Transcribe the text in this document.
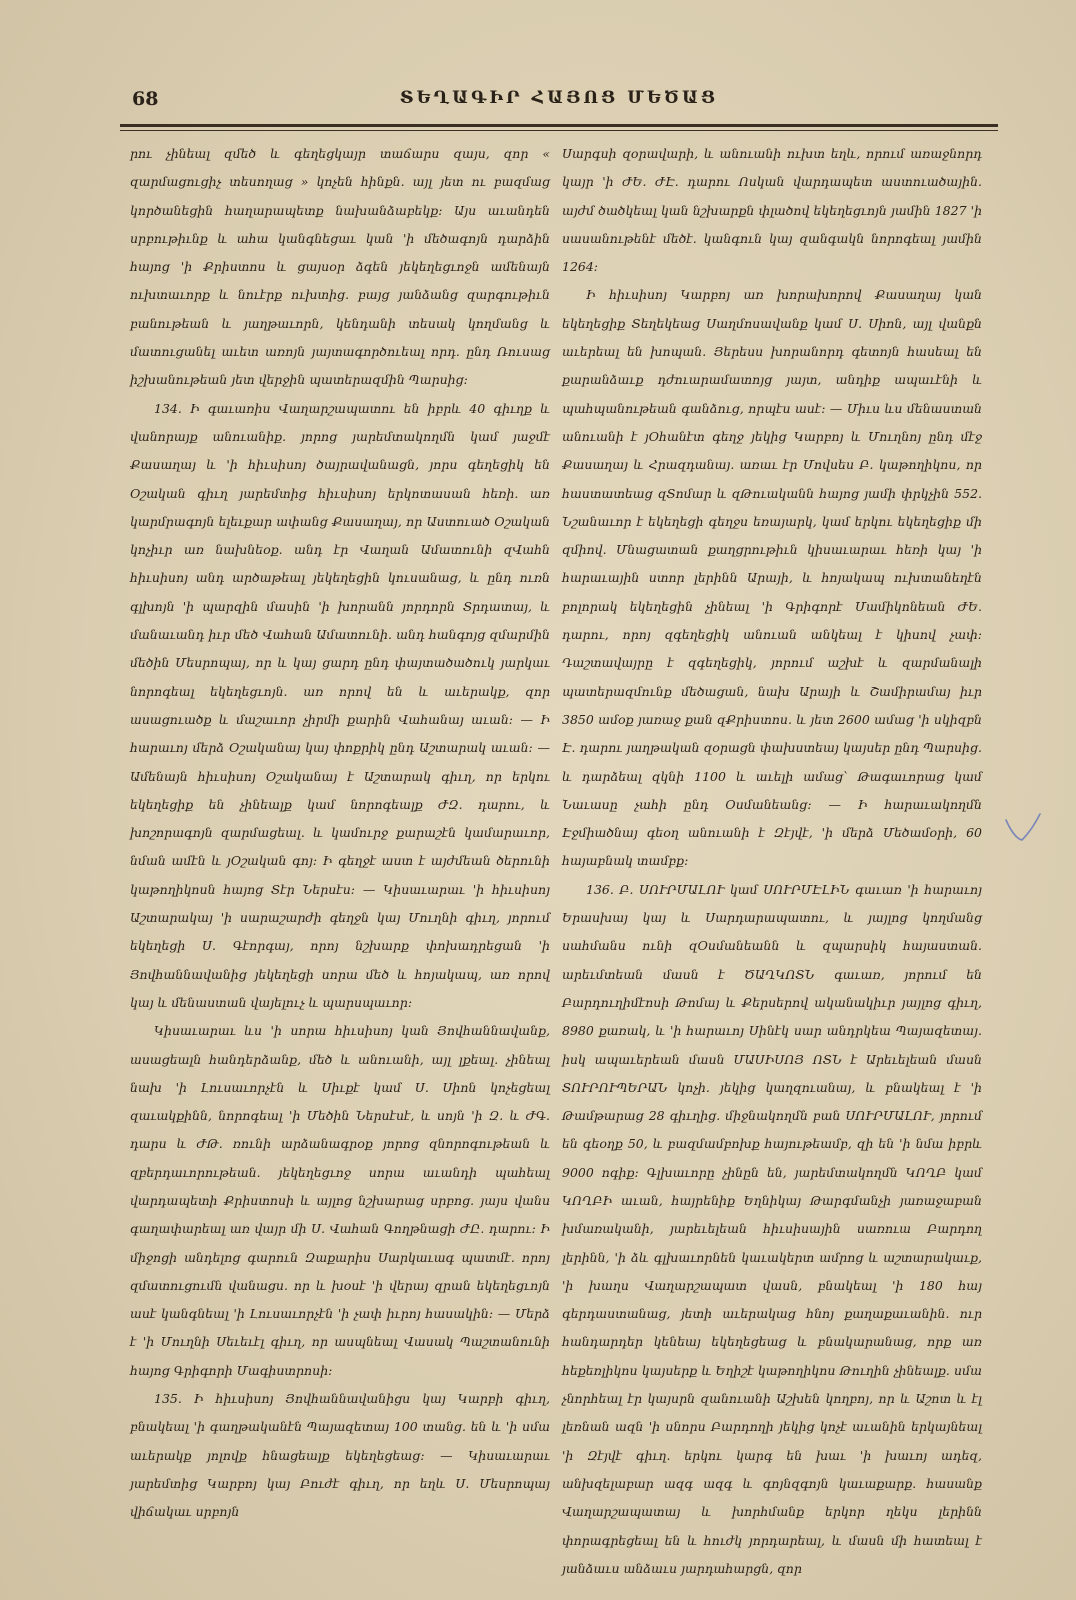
68	ՏԵՂԱԳԻՐ ՀԱՅՈՑ ՄԵԾԱՑ

րու չինեալ զմեծ և գեղեցկայր տաճարս զայս, զոր « զարմացուցիչ տեսողաց » կոչեն հինքն. այլ յետ ու բազմաց կործանեցին հաղարապետք նախանձաբեկք: Այս աւանդեն սրբութիւնք և ահա կանգնեցաւ կան 'ի մեծագոյն դարձին հայոց 'ի Քրիստոս և ցայսօր ձգեն յեկեղեցւոջն ամենայն ուխտաւորք և նուէրք ուխտից. բայց յանձանց զարգութիւն բանութեան և յաղթաւորն, կենդանի տեսակ կողմանց և մատուցանել աւետ առոյն յայտագործուեալ որդ. ընդ Ռուսաց իշխանութեան յետ վերջին պատերազմին Պարսից։

134. Ի գաւառիս Վաղարշապատու են իբրև 40 գիւղք և վանորայք անուանիք. յորոց յարեմտակողմն կամ յաջմէ Քասաղայ և 'ի հիւսիսոյ ծայրավանացն, յորս գեղեցիկ են Օշական գիւղ յարեմտից հիւսիսոյ երկոտասան հեռի. առ կարմրագոյն ելեւքար ափանց Քասաղայ, որ Աստուած Օշական կոչիւր առ նախնեօք. անդ էր Վաղան Ամատունի զՎահն հիւսիսոյ անդ արծաթեալ յեկեղեցին կուսանաց, և ընդ ուռն գլխոյն 'ի պարզին մասին 'ի խորանն յորդորն Տրդատայ, և մանաւանդ իւր մեծ Վահան Ամատունի. անդ հանգոյց զմարմին մեծին Մեսրոպայ, որ և կայ ցարդ ընդ փայտածածուկ յարկաւ նորոգեալ եկեղեցւոյն. առ որով են և աւերակք, զոր ասացուածք և մաշաւոր չիրմի քարին Վահանայ աւան։ — Ի հարաւոյ մերձ Օշականայ կայ փոքրիկ ընդ Աշտարակ աւան։ — Ամենայն հիւսիսոյ Օշականայ է Աշտարակ գիւղ, որ երկու եկեղեցիք են չինեալք կամ նորոգեալք ԺԶ. դարու, և խոշորագոյն զարմացեալ. և կամուրջ քարաշէն կամարաւոր, նման ամէն և յՕշական գոյ։ Ի գեղջէ աստ է այժմեան ծերունի կաթողիկոսն հայոց Տէր Ներսէս։ — Կիսաւարաւ 'ի հիւսիսոյ Աշտարակայ 'ի սարաշարժի գեղջն կայ Մուղնի գիւղ, յորում եկեղեցի Ս. Գէորգայ, որոյ նշխարք փոխադրեցան 'ի Յովհաննավանից յեկեղեցի սորա մեծ և հոյակապ, առ որով կայ և մենաստան վայելուչ և պարսպաւոր։

Կիսաւարաւ ևս 'ի սորա հիւսիսոյ կան Յովհաննավանք, ասացեալն հանդերձանք, մեծ և անուանի, այլ լքեալ. չինեալ նախ 'ի Լուսաւորչէն և Սիւքէ կամ Ս. Սիոն կոչեցեալ զաւակքինն, նորոգեալ 'ի Մեծին Ներսէսէ, և սոյն 'ի Զ. և ԺԳ. դարս և ԺԹ. ռունի արձանագրօք յորոց զնորոգութեան և զբերդաւորութեան. յեկեղեցւոջ սորա աւանդի պահեալ վարդապետի Քրիստոսի և այլոց նշխարաց սրբոց. յայս վանս գաղափարեալ առ վայր մի Ս. Վահան Գողթնացի ԺԸ. դարու։ Ի միջոցի անդելոց գարուն Զաքարիս Սարկաւագ պատմէ. որոյ զմատուցումն վանացս. որ և խօսէ 'ի վերայ զրան եկեղեցւոյն ասէ կանգնեալ 'ի Լուսաւորչէն 'ի չափ իւրոյ հասակին։ — Մերձ է 'ի Մուղնի Սեւեւէլ գիւղ, որ ասպնեալ Վասակ Պաշտանունի հայոց Գրիգորի Մագիստրոսի։

135. Ի հիւսիսոյ Յովհաննավանիցս կայ Կարբի գիւղ, բնակեալ 'ի գաղթականէն Պայազետայ 100 տանց. են և 'ի սմա աւերակք յոլովք հնացեալք եկեղեցեաց։ — Կիսաւարաւ յարեմտից Կարբոյ կայ Բուժէ գիւղ, որ եղև Ս. Մեսրոպայ վիճակաւ սրբոյն

Սարգսի զօրավարի, և անուանի ուխտ եղև, որում առաջնորդ կայր 'ի ԺԵ. ԺԷ. դարու Ոսկան վարդապետ աստուածային. այժմ ծածկեալ կան նշխարքն փլածով եկեղեցւոյն յամին 1827 'ի սասանութենէ մեծէ. կանգուն կայ զանգակն նորոգեալ յամին 1264։

Ի հիւսիսոյ Կարբոյ առ խորախորով Քասաղայ կան եկեղեցիք Տեղեկեաց Սաղմոսավանք կամ Ս. Սիոն, այլ վանքն աւերեալ են խոպան. Յերեսս խորանորդ գետոյն հասեալ են քարանձաւք դժուարամատոյց յայտ, անդիք ապաւէնի և պահպանութեան գանձուց, որպէս ասէ։ — Միւս ևս մենաստան անուանի է յՕհանէտ գեղջ յեկից Կարբոյ և Մուղնոյ ընդ մէջ Քասաղայ և Հրազդանայ. առաւ էր Մովսես Բ. կաթողիկոս, որ հաստատեաց զՏոմար և զԹուականն հայոց յամի փրկչին 552. Նշանաւոր է եկեղեցի գեղջս եռայարկ, կամ երկու եկեղեցիք մի զմիով. Մնացատան քաղցրութիւն կիսաւարաւ հեռի կայ 'ի հարաւային ստոր լերինն Արայի, և հոյակապ ուխտանեղէն բոլորակ եկեղեցին չինեալ 'ի Գրիգորէ Մամիկոնեան ԺԵ. դարու, որոյ զգեղեցիկ անուան անկեալ է կիսով չափ։ Դաշտավայրը է զգեղեցիկ, յորում աշխէ և զարմանալի պատերազմունք մեծացան, նախ Արայի և Շամիրամայ իւր 3850 ամօք յառաջ քան զՔրիստոս. և յետ 2600 ամաց 'ի սկիզբն Է. դարու յաղթական զօրացն փախստեայ կայսեր ընդ Պարսից. և դարձեալ զկնի 1100 և աւելի ամաց՝ Թագաւորաց կամ Նաւասը չահի ընդ Օսմանեանց։ — Ի հարաւակողմն Էջմիածնայ գեօղ անուանի է Զէյվէ, 'ի մերձ Մեծամօրի, 60 հայաբնակ տամբք։

136. Բ. ՍՈՒՐՄԱԼՈՒ կամ ՍՈՒՐՄԷԼԻՆ գաւառ 'ի հարաւոյ Երասխայ կայ և Սարդարապատու, և յայլոց կողմանց սահմանս ունի զՕսմանեանն և զպարսիկ հայաստան. արեւմտեան մասն է ԾԱՂԿՈՏՆ գաւառ, յորում են Բարդուղիմէոսի Թոմայ և Քերսերով ականակիւր յայլոց գիւղ, 8980 քառակ, և 'ի հարաւոյ Սինէկ սար անդրկեա Պայազետայ. իսկ ապաւերեան մասն ՄԱՍԻՍՈՅ ՈՏՆ է Արեւելեան մասն ՏՈՒՐՈՒՊԵՐԱՆ կոչի. յեկից կաղզուանայ, և բնակեալ է 'ի Թամթարաց 28 գիւղից. միջնակողմն բան ՍՈՒՐՄԱԼՈՒ, յորում են գեօղք 50, և բազմամբոխք հայութեամբ, զի են 'ի նմա իբրև 9000 ոգիք։ Գլխաւորը չինըն են, յարեմտակողմն ԿՈՂԲ կամ ԿՈՂԲԻ աւան, հայրենիք Եղնիկայ Թարգմանչի յառաջաբան խմառականի, յարեւելեան հիւսիսային սառուա Բարդող լերինն, 'ի ձև գլխաւորնեն կաւակերտ ամրոց և աշտարակաւք, 'ի խաղս Վաղարշապատ վասն, բնակեալ 'ի 180 հայ գերդաստանաց, յետի աւերակաց հնոյ քաղաքաւանին. ուր հանդարդեր կենեայ եկեղեցեաց և բնակարանաց, որք առ հեքեռլիկոս կայսերք և Եղիշէ կաթողիկոս Թուղին չինեալք. սմա չնորհեալ էր կայսրն զանուանի Աշխեն կողբոյ, որ և Աշոտ և էլ լեռնան ազն 'ի սնորս Բարդողի յեկից կոչէ աւանին երկայնեալ 'ի Զէյվէ գիւղ. երկու կարգ են խաւ 'ի խաւոյ ադեզ, անխզելաբար ազգ ազգ և գոյնզգոյն կաւաքարք. հասանք Վաղարշապատայ և խորհմանք երկոր ղեկս լերինն փորագրեցեալ են և հուժկ յորդարեալ, և մասն մի հատեալ է յանձաւս անձաւս յարդահարցն, զոր
